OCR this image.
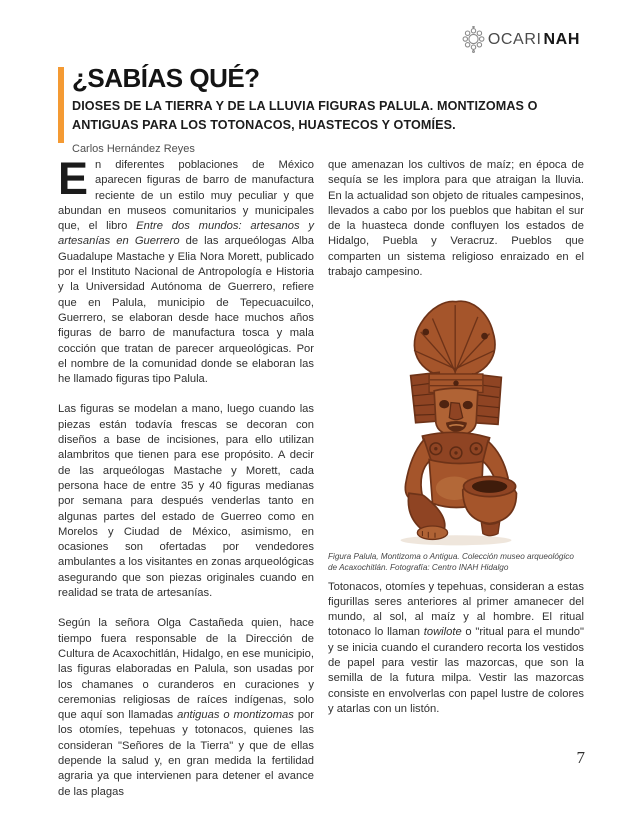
OCARI NAH
¿SABÍAS QUÉ?
DIOSES DE LA TIERRA Y DE LA LLUVIA FIGURAS PALULA. MONTIZOMAS O ANTIGUAS PARA LOS TOTONACOS, HUASTECOS Y OTOMÍES.
Carlos Hernández Reyes

En diferentes poblaciones de México aparecen figuras de barro de manufactura reciente de un estilo muy peculiar y que abundan en museos comunitarios y municipales que, el libro Entre dos mundos: artesanos y artesanías en Guerrero de las arqueólogas Alba Guadalupe Mastache y Elia Nora Morett, publicado por el Instituto Nacional de Antropología e Historia y la Universidad Autónoma de Guerrero, refiere que en Palula, municipio de Tepecuacuilco, Guerrero, se elaboran desde hace muchos años figuras de barro de manufactura tosca y mala cocción que tratan de parecer arqueológicas. Por el nombre de la comunidad donde se elaboran las he llamado figuras tipo Palula.

Las figuras se modelan a mano, luego cuando las piezas están todavía frescas se decoran con diseños a base de incisiones, para ello utilizan alambritos que tienen para ese propósito. A decir de las arqueólogas Mastache y Morett, cada persona hace de entre 35 y 40 figuras medianas por semana para después venderlas tanto en algunas partes del estado de Guerreo como en Morelos y Ciudad de México, asimismo, en ocasiones son ofertadas por vendedores ambulantes a los visitantes en zonas arqueológicas asegurando que son piezas originales cuando en realidad se trata de artesanías.

Según la señora Olga Castañeda quien, hace tiempo fuera responsable de la Dirección de Cultura de Acaxochitlán, Hidalgo, en ese municipio, las figuras elaboradas en Palula, son usadas por los chamanes o curanderos en curaciones y ceremonias religiosas de raíces indígenas, solo que aquí son llamadas antiguas o montizomas por los otomíes, tepehuas y totonacos, quienes las consideran "Señores de la Tierra" y que de ellas depende la salud y, en gran medida la fertilidad agraria ya que intervienen para detener el avance de las plagas

que amenazan los cultivos de maíz; en época de sequía se les implora para que atraigan la lluvia. En la actualidad son objeto de rituales campesinos, llevados a cabo por los pueblos que habitan el sur de la huasteca donde confluyen los estados de Hidalgo, Puebla y Veracruz. Pueblos que comparten un sistema religioso enraizado en el trabajo campesino.

Figura Palula, Montizoma o Antigua. Colección museo arqueológico de Acaxochitlán. Fotografía: Centro INAH Hidalgo

Totonacos, otomíes y tepehuas, consideran a estas figurillas seres anteriores al primer amanecer del mundo, al sol, al maíz y al hombre. El ritual totonaco lo llaman towilote o "ritual para el mundo" y se inicia cuando el curandero recorta los vestidos de papel para vestir las mazorcas, que son la semilla de la futura milpa. Vestir las mazorcas consiste en envolverlas con papel lustre de colores y atarlas con un listón.

7
